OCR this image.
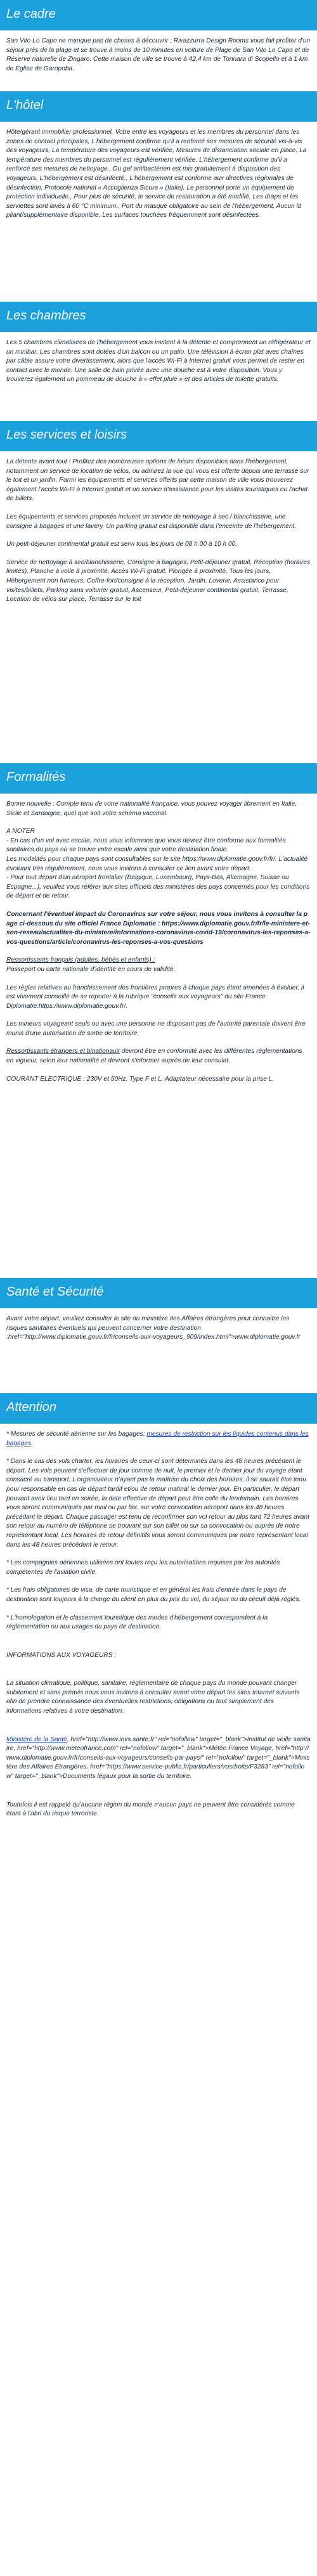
Le cadre

San Vito Lo Capo ne manque pas de choses à découvrir ; Rivazzurra Design Rooms vous fait profiter d'un séjour près de la plage et se trouve à moins de 10 minutes en voiture de Plage de San Vito Lo Capo et de Réserve naturelle de Zingaro. Cette maison de ville se trouve à 42,4 km de Tonnara di Scopello et à 1 km de Église de Garopoba.

L'hôtel

Hôte/gérant immobilier professionnel, Votre entre les voyageurs et les membres du personnel dans les zones de contact principales, L'hébergement confirme qu'il a renforcé ses mesures de sécurité vis-à-vis des voyageurs, La température des voyageurs est vérifiée, Mesures de distanciation sociale en place, La température des membres du personnel est régulièrement vérifiée, L'hébergement confirme qu'il a renforcé ses mesures de nettoyage., Du gel antibactérien est mis gratuitement à disposition des voyageurs, L'hébergement est désinfecté., L'hébergement est conforme aux directives régionales de désinfection, Protocole national « Accoglienza Sicura » (Italie), Le personnel porte un équipement de protection individuelle., Pour plus de sécurité, le service de restauration a été modifié, Les draps et les serviettes sont lavés à 60 °C minimum., Port du masque obligatoire au sein de l'hébergement, Aucun lit pliant/supplémentaire disponible, Les surfaces touchées fréquemment sont désinfectées.

Les chambres

Les 5 chambres climatisées de l'hébergement vous invitent à la détente et comprennent un réfrigérateur et un minibar. Les chambres sont dotées d'un balcon ou un patio. Une télévision à écran plat avec chaînes par câble assure votre divertissement, alors que l'accès Wi-Fi à Internet gratuit vous permet de rester en contact avec le monde. Une salle de bain privée avec une douche est à votre disposition. Vous y trouverez également un pommeau de douche à « effet pluie » et des articles de toilette gratuits.

Les services et loisirs

La détente avant tout ! Profitez des nombreuses options de loisirs disponibles dans l'hébergement, notamment un service de location de vélos, ou admirez la vue qui vous est offerte depuis une terrasse sur le toit et un jardin. Parmi les équipements et services offerts par cette maison de ville vous trouverez également l'accès Wi-Fi à Internet gratuit et un service d'assistance pour les visites touristiques ou l'achat de billets.

Les équipements et services proposés incluent un service de nettoyage à sec / blanchisserie, une consigne à bagages et une lavery. Un parking gratuit est disponible dans l'enceinte de l'hébergement.

Un petit-déjeuner continental gratuit est servi tous les jours de 08 h 00 à 10 h 00.

Service de nettoyage à sec/blanchisserie, Consigne à bagages, Petit-déjeuner gratuit, Réception (horaires limités), Planche à voile à proximité, Accès Wi-Fi gratuit, Plongée à proximité, Tous les jours, Hébergement non fumeurs, Coffre-fort/consigne à la réception, Jardin, Loverie, Assistance pour visites/billets, Parking sans voiturier gratuit, Ascenseur, Petit-déjeuner continental gratuit, Terrasse, Location de vélos sur place, Terrasse sur le toit

Formalités

Bonne nouvelle : Compte tenu de votre nationalité française, vous pouvez voyager librement en Italie, Sicile et Sardaigne, quel que soit votre schéma vaccinal.

A NOTER

- En cas d'un vol avec escale, nous vous informons que vous devrez être conforme aux formalités sanitaires du pays où se trouve votre escale ainsi que votre destination finale.

Les modalités pour chaque pays sont consultables sur le site https://www.diplomatie.gouv.fr/fr/. L'actualité évoluant très régulièrement, nous vous invitons à consulter ce lien avant votre départ.

- Pour tout départ d'un aéroport frontalier (Belgique, Luxembourg, Pays-Bas, Allemagne, Suisse ou Espagne...), veuillez vous référer aux sites officiels des ministères des pays concernés pour les conditions de départ et de retour.

Concernant l'éventuel impact du Coronavirus sur votre séjour, nous vous invitons à consulter la page ci-dessous du site officiel France Diplomatie : https://www.diplomatie.gouv.fr/fr/le-ministere-et-son-reseau/actualites-du-ministere/informations-coronavirus-covid-19/coronavirus-les-reponses-a-vos-questions/article/coronavirus-les-reponses-a-vos-questions

Ressortissants français (adultes, bébés et enfants) :

Passeport ou carte nationale d'identité en cours de validité.

Les règles relatives au franchissement des frontières propres à chaque pays étant amenées à évoluer, il est vivement conseillé de se reporter à la rubrique "conseils aux voyageurs" du site France Diplomatie:https://www.diplomatie.gouv.fr/.

Les mineurs voyageant seuls ou avec une personne ne disposant pas de l'autorité parentale doivent être munis d'une autorisation de sortie de territoire.

Ressortissants étrangers et binationaux devront être en conformité avec les différentes réglementations en vigueur, selon leur nationalité et devront s'informer auprès de leur consulat.

COURANT ELECTRIQUE : 230V et 50Hz. Type F et L. Adaptateur nécessaire pour la prise L.

Santé et Sécurité

Avant votre départ, veuillez consulter le site du ministère des Affaires étrangères pour connaitre les risques sanitaires éventuels qui peuvent concerner votre destination :href="http://www.diplomatie.gouv.fr/fr/conseils-aux-voyageurs_909/index.html">www.diplomatie.gouv.fr

Attention

* Mesures de sécurité aérienne sur les bagages: mesures de restriction sur les liquides contenus dans les bagages.

* Dans le cas des vols charter, les horaires de ceux-ci sont déterminés dans les 48 heures précédent le départ. Les vols peuvent s'effectuer de jour comme de nuit, le premier et le dernier jour du voyage étant consacré au transport. L'organisateur n'ayant pas la maîtrise du choix des horaires, il se saurait être tenu pour responsable en cas de départ tardif et/ou de retour matinal le dernier jour. En particulier, le départ pouvant avoir lieu tard en soirée, la date effective de départ peut être celle du lendemain. Les horaires vous seront communiqués par mail ou par fax, sur votre convocation aéroport dans les 48 heures précédant le départ. Chaque passager est tenu de reconfirmer son vol retour au plus tard 72 heures avant son retour au numéro de téléphone se trouvant sur son billet ou sur sa convocation ou auprès de notre représentant local. Les horaires de retour définitifs vous seront communiqués par notre représentant local dans les 48 heures précédent le retour.

* Les compagnies aériennes utilisées ont toutes reçu les autorisations requises par les autorités compétentes de l'aviation civile.

* Les frais obligatoires de visa, de carte touristique et en général les frais d'entrée dans le pays de destination sont toujours à la charge du client en plus du prix du vol, du séjour ou du circuit déjà réglés.

* L'homologation et le classement touristique des modes d'hébergement correspondent à la réglementation ou aux usages du pays de destination.

INFORMATIONS AUX VOYAGEURS :

La situation climatique, politique, sanitaire, réglementaire de chaque pays du monde pouvant changer subitement et sans préavis nous vous invitons à consulter avant votre départ les sites Internet suivants afin de prendre connaissance des éventuelles restrictions, obligations ou tout simplement des informations relatives à votre destination.

Ministère de la Santé, href="http://www.invs.sante.fr" rel="nofollow" target="_blank">Institut de veille sanitaire, href="http://www.meteofrance.com" rel="nofollow" target="_blank">Météo France Voyage, href="http://www.diplomatie.gouv.fr/fr/conseils-aux-voyageurs/conseils-par-pays/" rel="nofollow" target="_blank">Ministère des Affaires Etrangères, href="https://www.service-public.fr/particuliers/vosdroits/F3283" rel="nofollow" target="_blank">Documents légaux pour la sortie du territoire.

Toutefois il est rappelé qu'aucune région du monde n'aucun pays ne peuvent être considérés comme étant à l'abri du risque terroriste.
